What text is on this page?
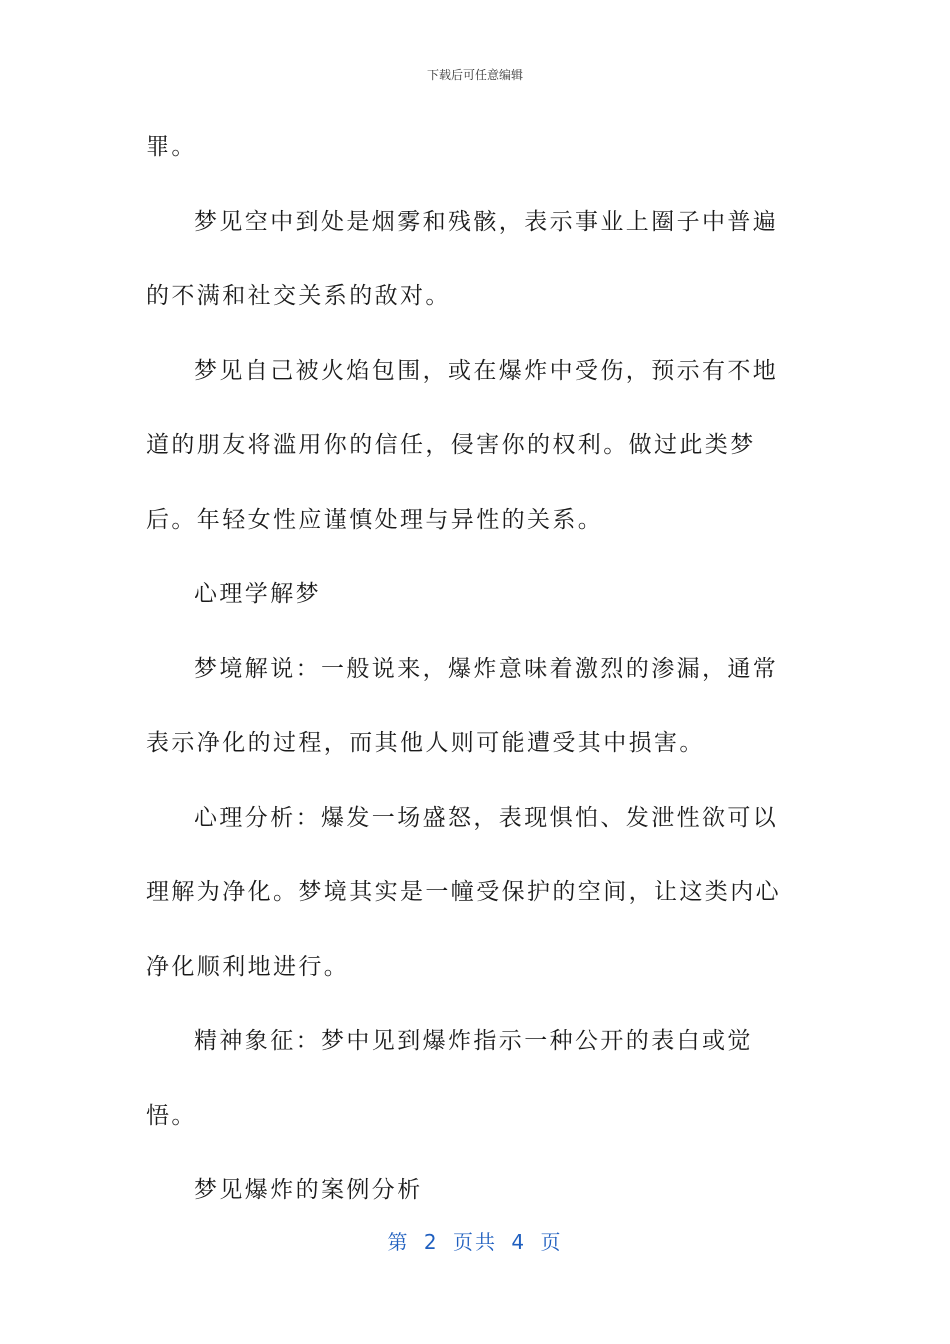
下载后可任意编辑

罪。

梦见空中到处是烟雾和残骸，表示事业上圈子中普遍的不满和社交关系的敌对。

梦见自己被火焰包围，或在爆炸中受伤，预示有不地道的朋友将滥用你的信任，侵害你的权利。做过此类梦后。年轻女性应谨慎处理与异性的关系。

心理学解梦

梦境解说：一般说来，爆炸意味着激烈的渗漏，通常表示净化的过程，而其他人则可能遭受其中损害。

心理分析：爆发一场盛怒，表现惧怕、发泄性欲可以理解为净化。梦境其实是一幢受保护的空间，让这类内心净化顺利地进行。

精神象征：梦中见到爆炸指示一种公开的表白或觉悟。

梦见爆炸的案例分析

第 2 页共 4 页
